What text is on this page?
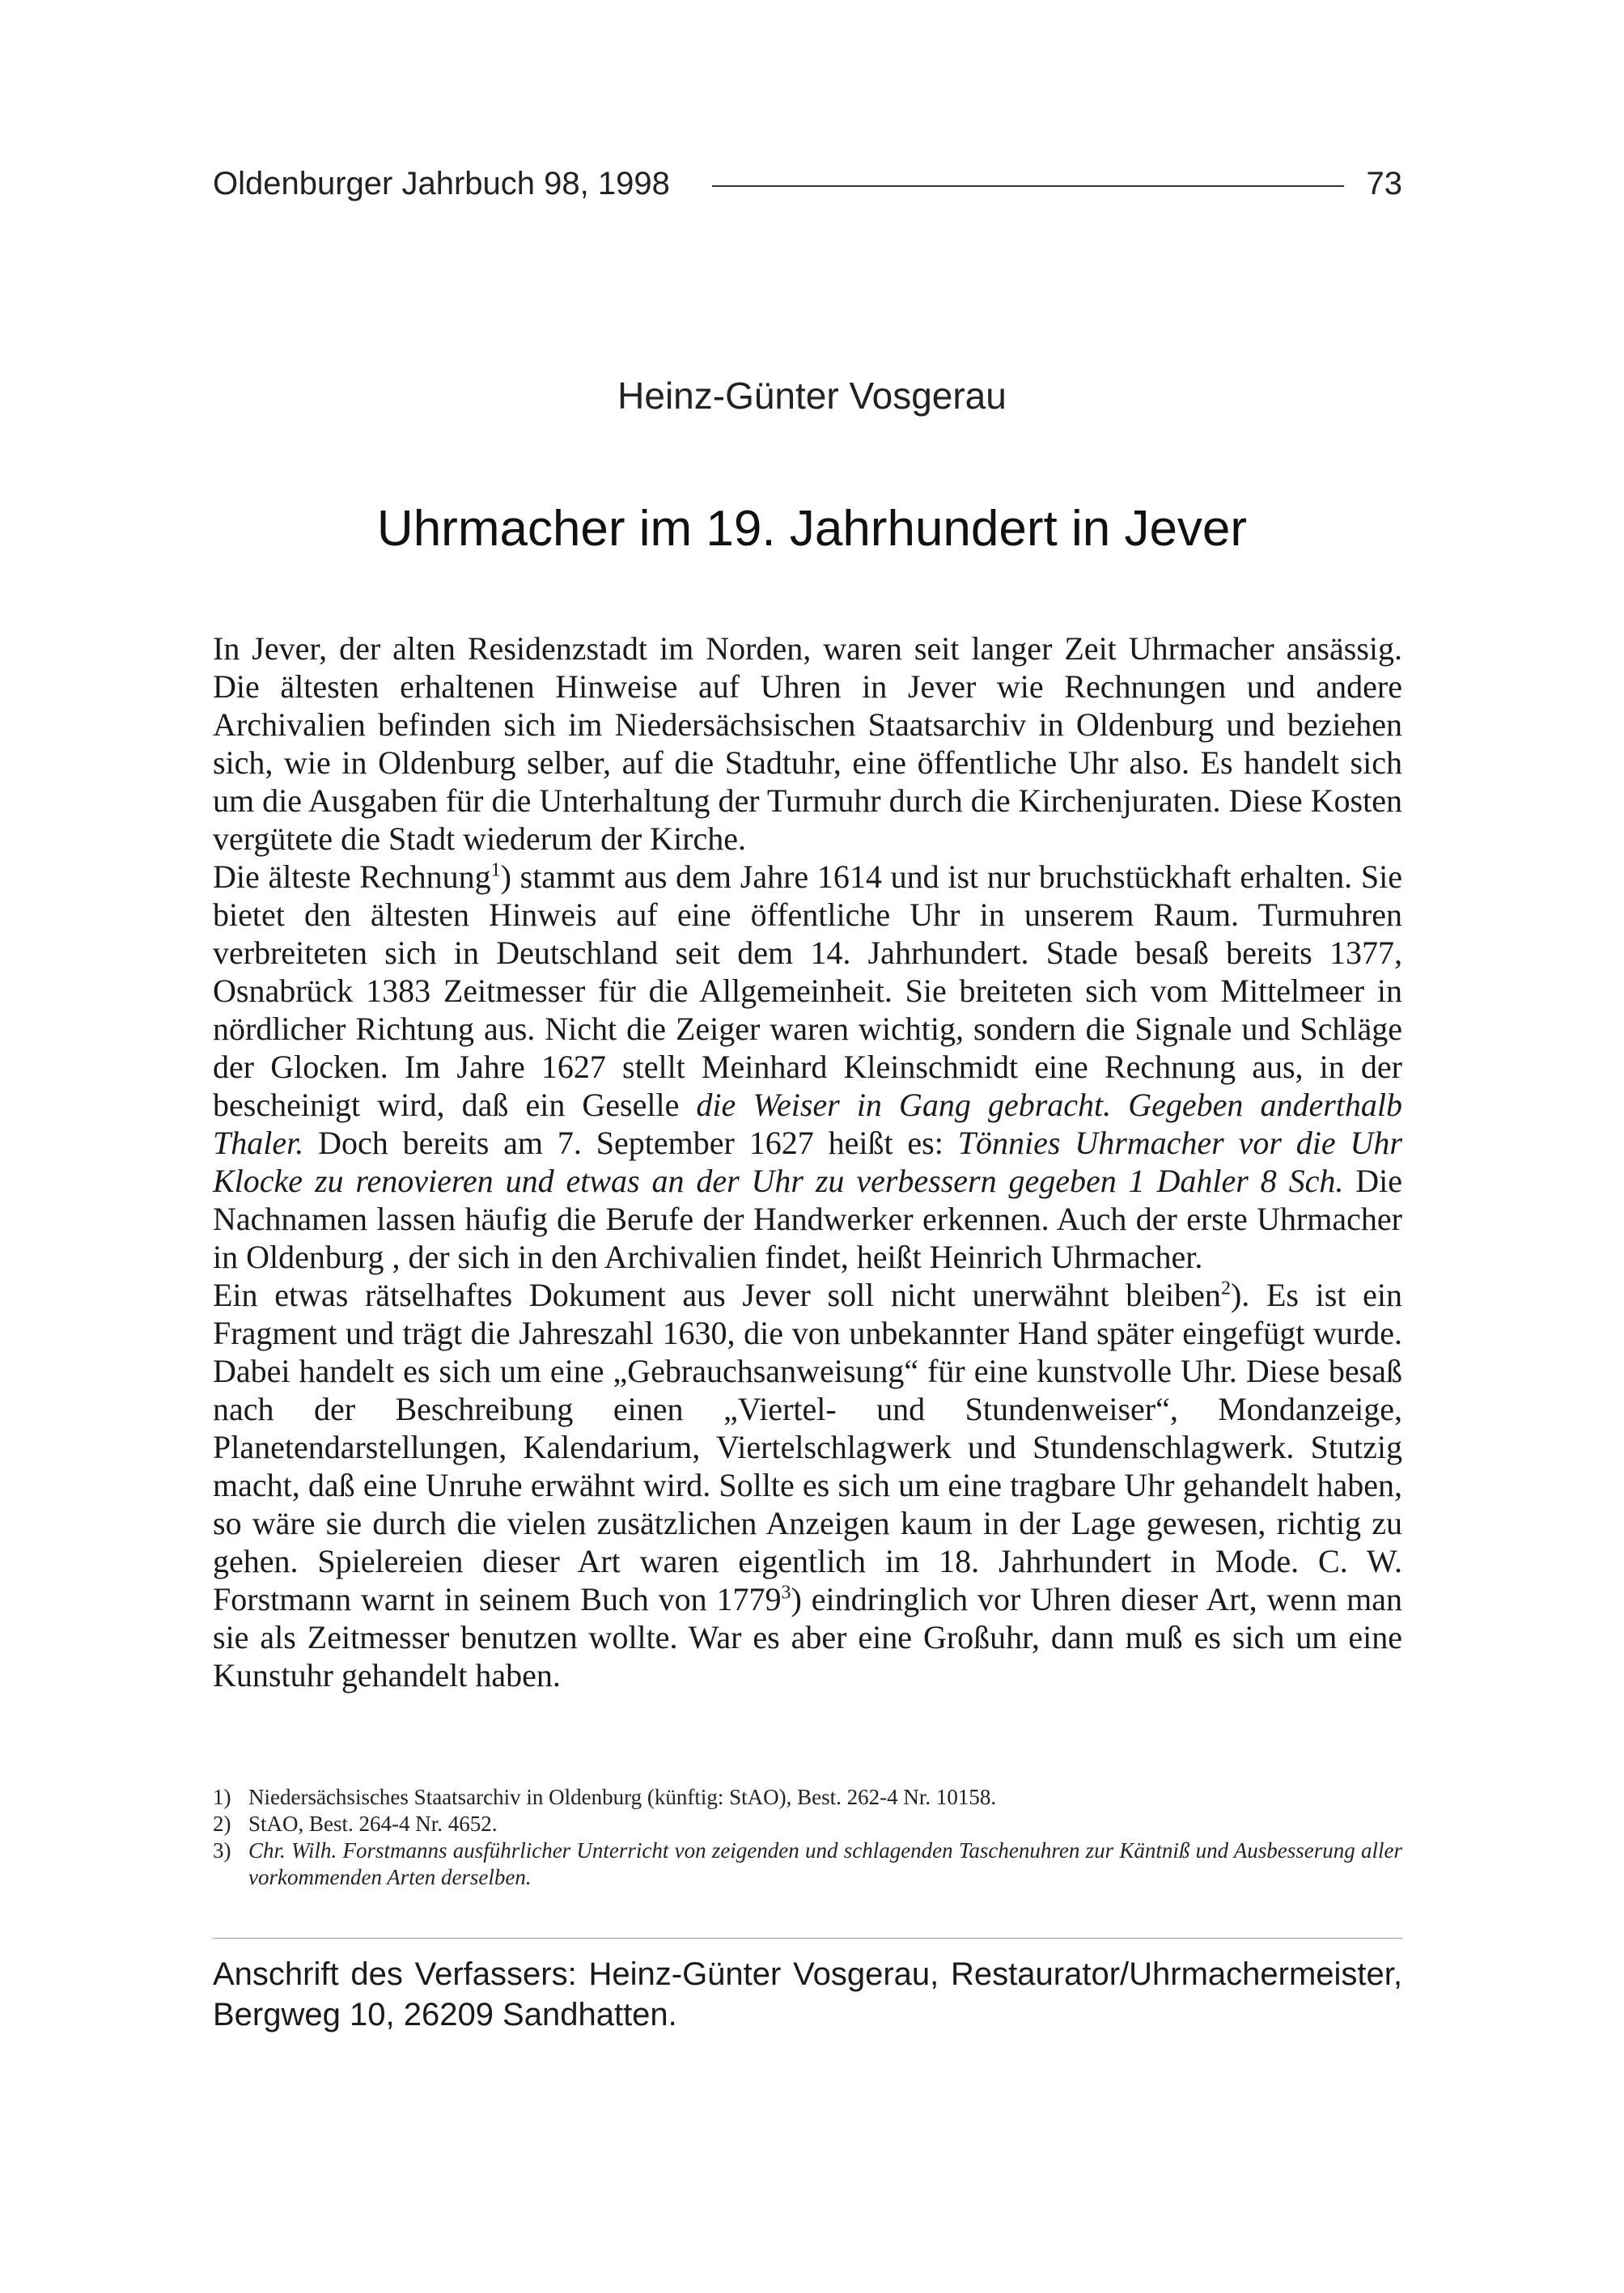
Oldenburger Jahrbuch 98, 1998	73
Heinz-Günter Vosgerau
Uhrmacher im 19. Jahrhundert in Jever

In Jever, der alten Residenzstadt im Norden, waren seit langer Zeit Uhrmacher ansässig. Die ältesten erhaltenen Hinweise auf Uhren in Jever wie Rechnungen und andere Archivalien befinden sich im Niedersächsischen Staatsarchiv in Oldenburg und beziehen sich, wie in Oldenburg selber, auf die Stadtuhr, eine öffentliche Uhr also. Es handelt sich um die Ausgaben für die Unterhaltung der Turmuhr durch die Kirchenjuraten. Diese Kosten vergütete die Stadt wiederum der Kirche.

Die älteste Rechnung$^1$) stammt aus dem Jahre 1614 und ist nur bruchstückhaft erhalten. Sie bietet den ältesten Hinweis auf eine öffentliche Uhr in unserem Raum. Turmuhren verbreiteten sich in Deutschland seit dem 14. Jahrhundert. Stade besaß bereits 1377, Osnabrück 1383 Zeitmesser für die Allgemeinheit. Sie breiteten sich vom Mittelmeer in nördlicher Richtung aus. Nicht die Zeiger waren wichtig, sondern die Signale und Schläge der Glocken. Im Jahre 1627 stellt Meinhard Kleinschmidt eine Rechnung aus, in der bescheinigt wird, daß ein Geselle die Weiser in Gang gebracht. Gegeben anderthalb Thaler. Doch bereits am 7. September 1627 heißt es: Tönnies Uhrmacher vor die Uhr Klocke zu renovieren und etwas an der Uhr zu verbessern gegeben 1 Dahler 8 Sch. Die Nachnamen lassen häufig die Berufe der Handwerker erkennen. Auch der erste Uhrmacher in Oldenburg , der sich in den Archivalien findet, heißt Heinrich Uhrmacher.

Ein etwas rätselhaftes Dokument aus Jever soll nicht unerwähnt bleiben$^2$). Es ist ein Fragment und trägt die Jahreszahl 1630, die von unbekannter Hand später eingefügt wurde. Dabei handelt es sich um eine „Gebrauchsanweisung“ für eine kunstvolle Uhr. Diese besaß nach der Beschreibung einen „Viertel- und Stundenweiser“, Mondanzeige, Planetendarstellungen, Kalendarium, Viertelschlagwerk und Stundenschlagwerk. Stutzig macht, daß eine Unruhe erwähnt wird. Sollte es sich um eine tragbare Uhr gehandelt haben, so wäre sie durch die vielen zusätzlichen Anzeigen kaum in der Lage gewesen, richtig zu gehen. Spielereien dieser Art waren eigentlich im 18. Jahrhundert in Mode. C. W. Forstmann warnt in seinem Buch von 1779$^3$) eindringlich vor Uhren dieser Art, wenn man sie als Zeitmesser benutzen wollte. War es aber eine Großuhr, dann muß es sich um eine Kunstuhr gehandelt haben.

1) Niedersächsisches Staatsarchiv in Oldenburg (künftig: StAO), Best. 262-4 Nr. 10158.
2) StAO, Best. 264-4 Nr. 4652.
3) Chr. Wilh. Forstmanns ausführlicher Unterricht von zeigenden und schlagenden Taschenuhren zur Käntniß und Ausbesserung aller vorkommenden Arten derselben.
Anschrift des Verfassers: Heinz-Günter Vosgerau, Restaurator/Uhrmachermeister, Bergweg 10, 26209 Sandhatten.
